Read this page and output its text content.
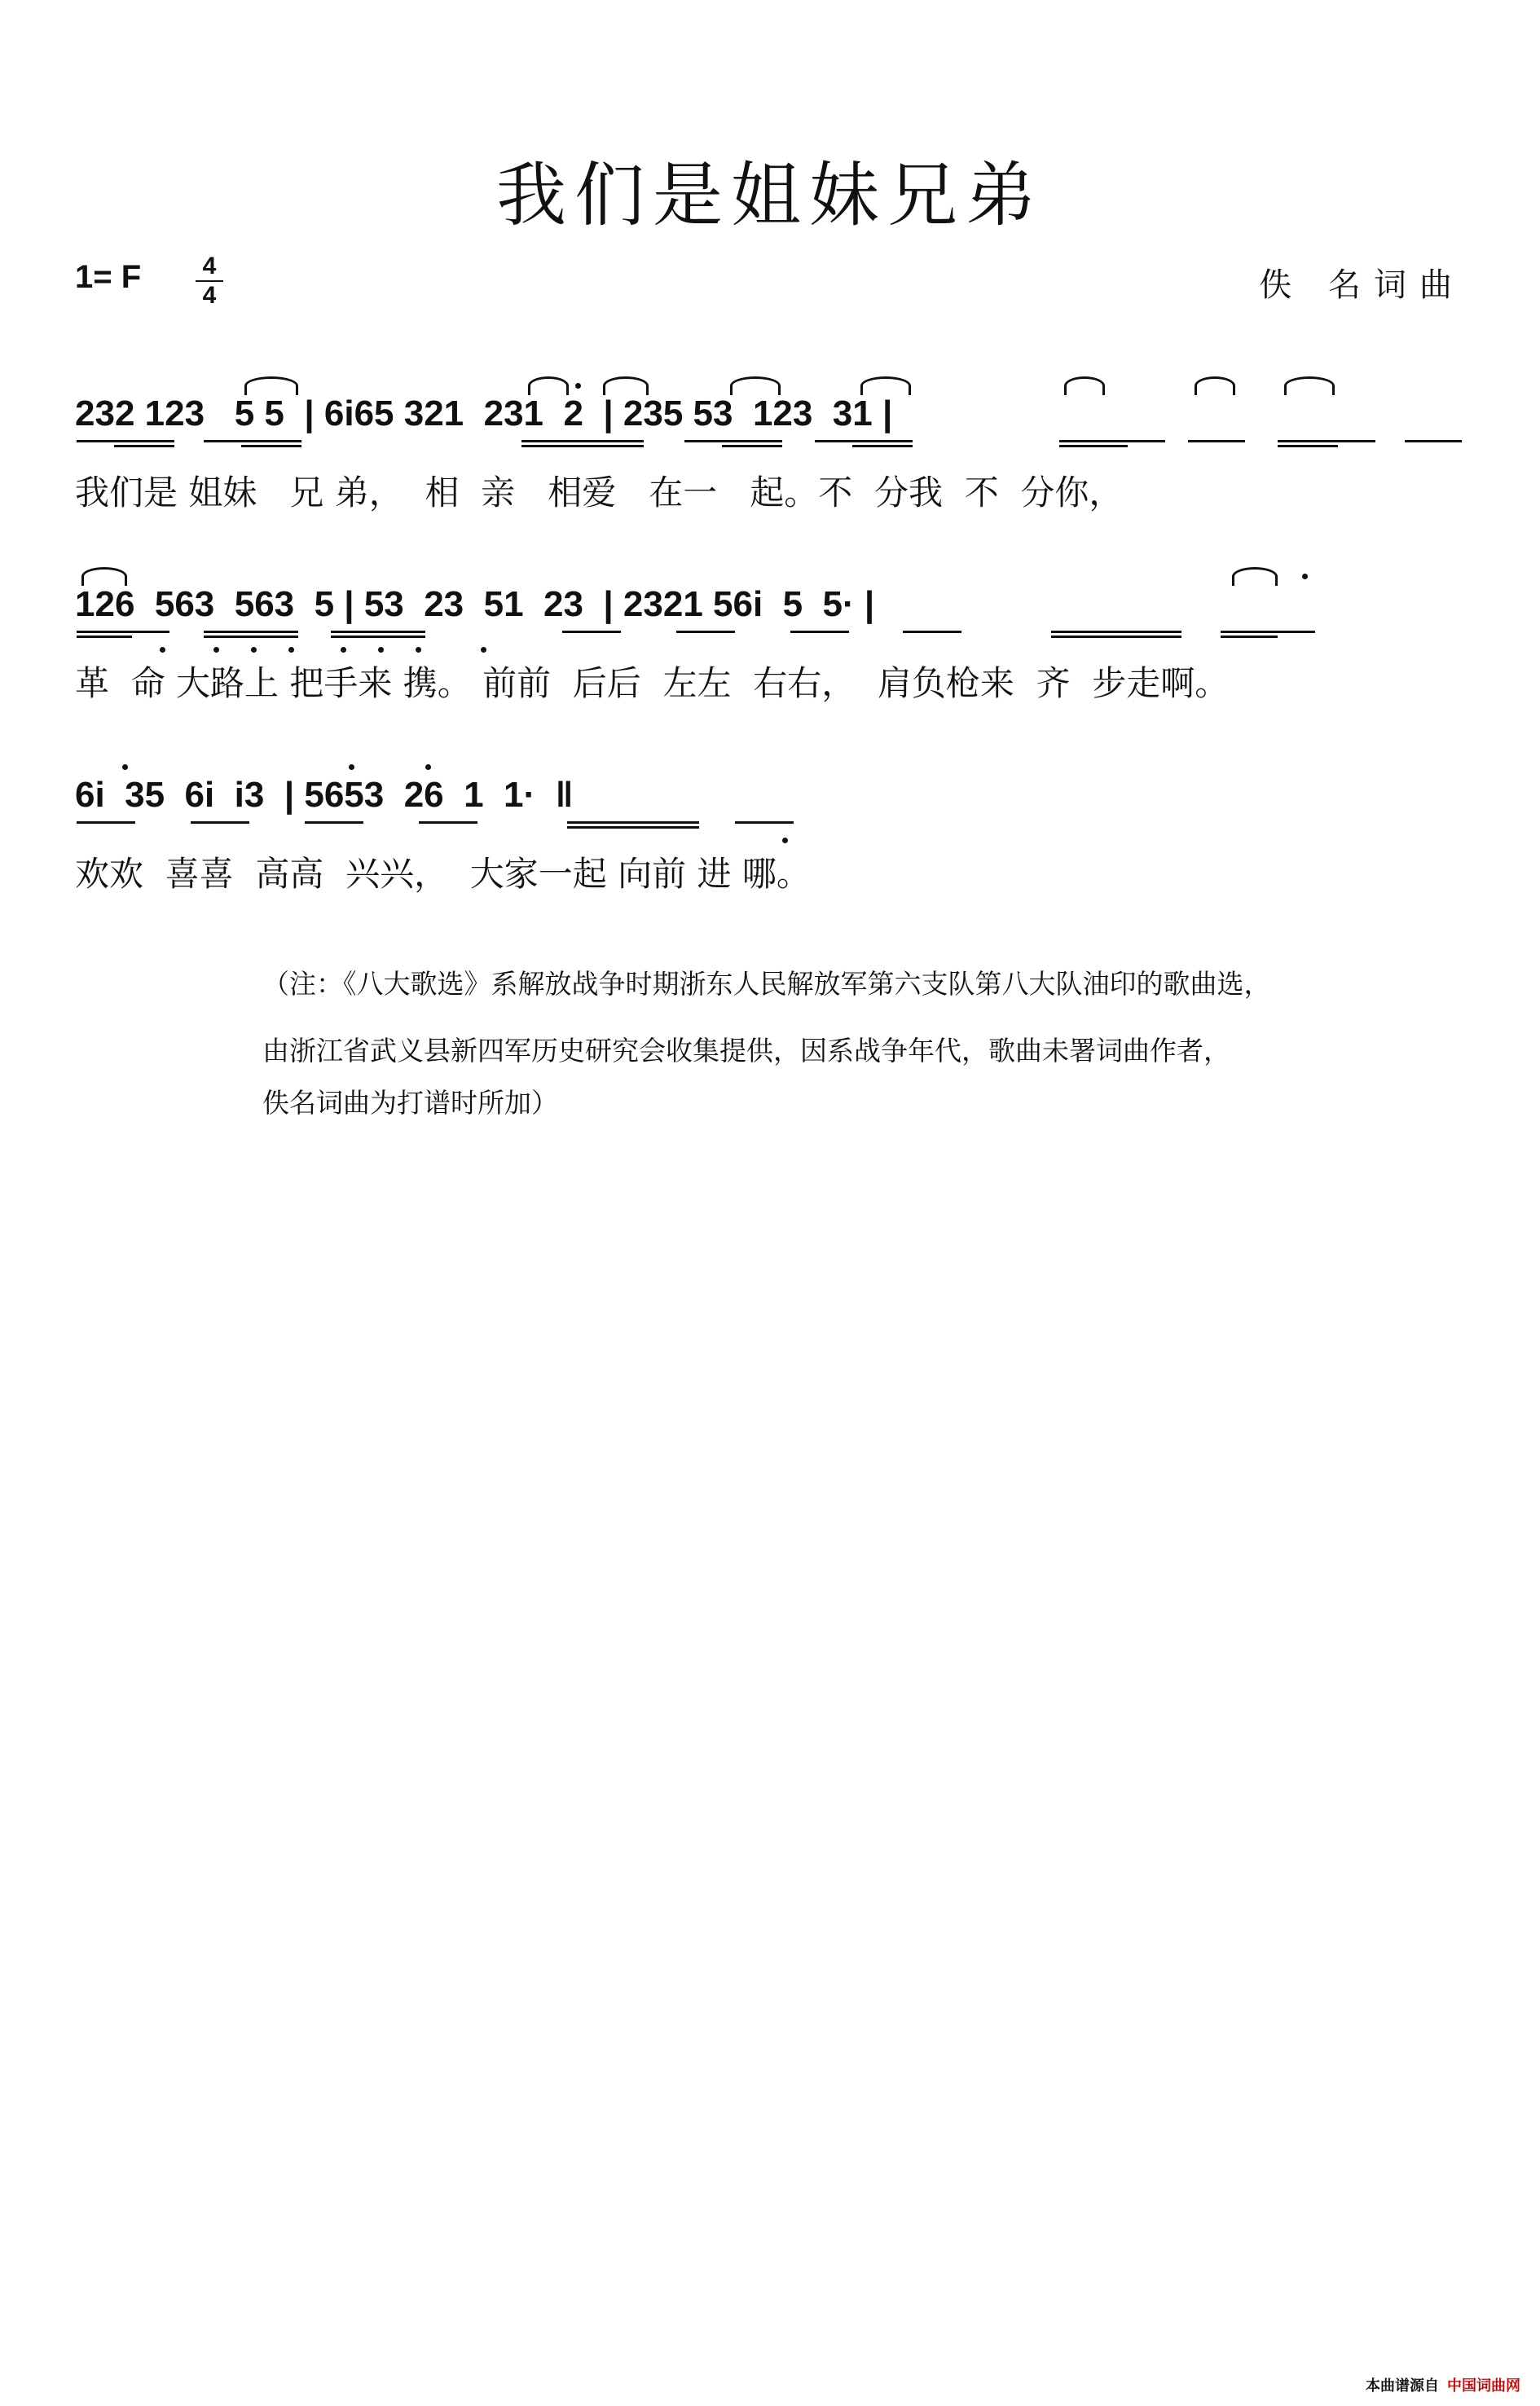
我们是姐妹兄弟
1= F	4
4	佚 名词曲
232 123   5 5  | 6i65 321  231  2  | 235 53  123  31 |
我们是 姐妹   兄 弟，  相  亲   相爱   在一   起。不  分我  不  分你，
126  563  563  5 | 53  23  51  23  | 2321 56i  5  5· |
革  命 大路上 把手来 携。 前前  后后  左左  右右，  肩负枪来  齐  步走啊。
6i  35  6i  i3  | 5653  26  1  1·  ‖
欢欢  喜喜  高高  兴兴，  大家一起 向前 进 哪。
（注：《八大歌选》系解放战争时期浙东人民解放军第六支队第八大队油印的歌曲选，
由浙江省武义县新四军历史研究会收集提供，因系战争年代，歌曲未署词曲作者，
佚名词曲为打谱时所加）
本曲谱源自 中国词曲网
